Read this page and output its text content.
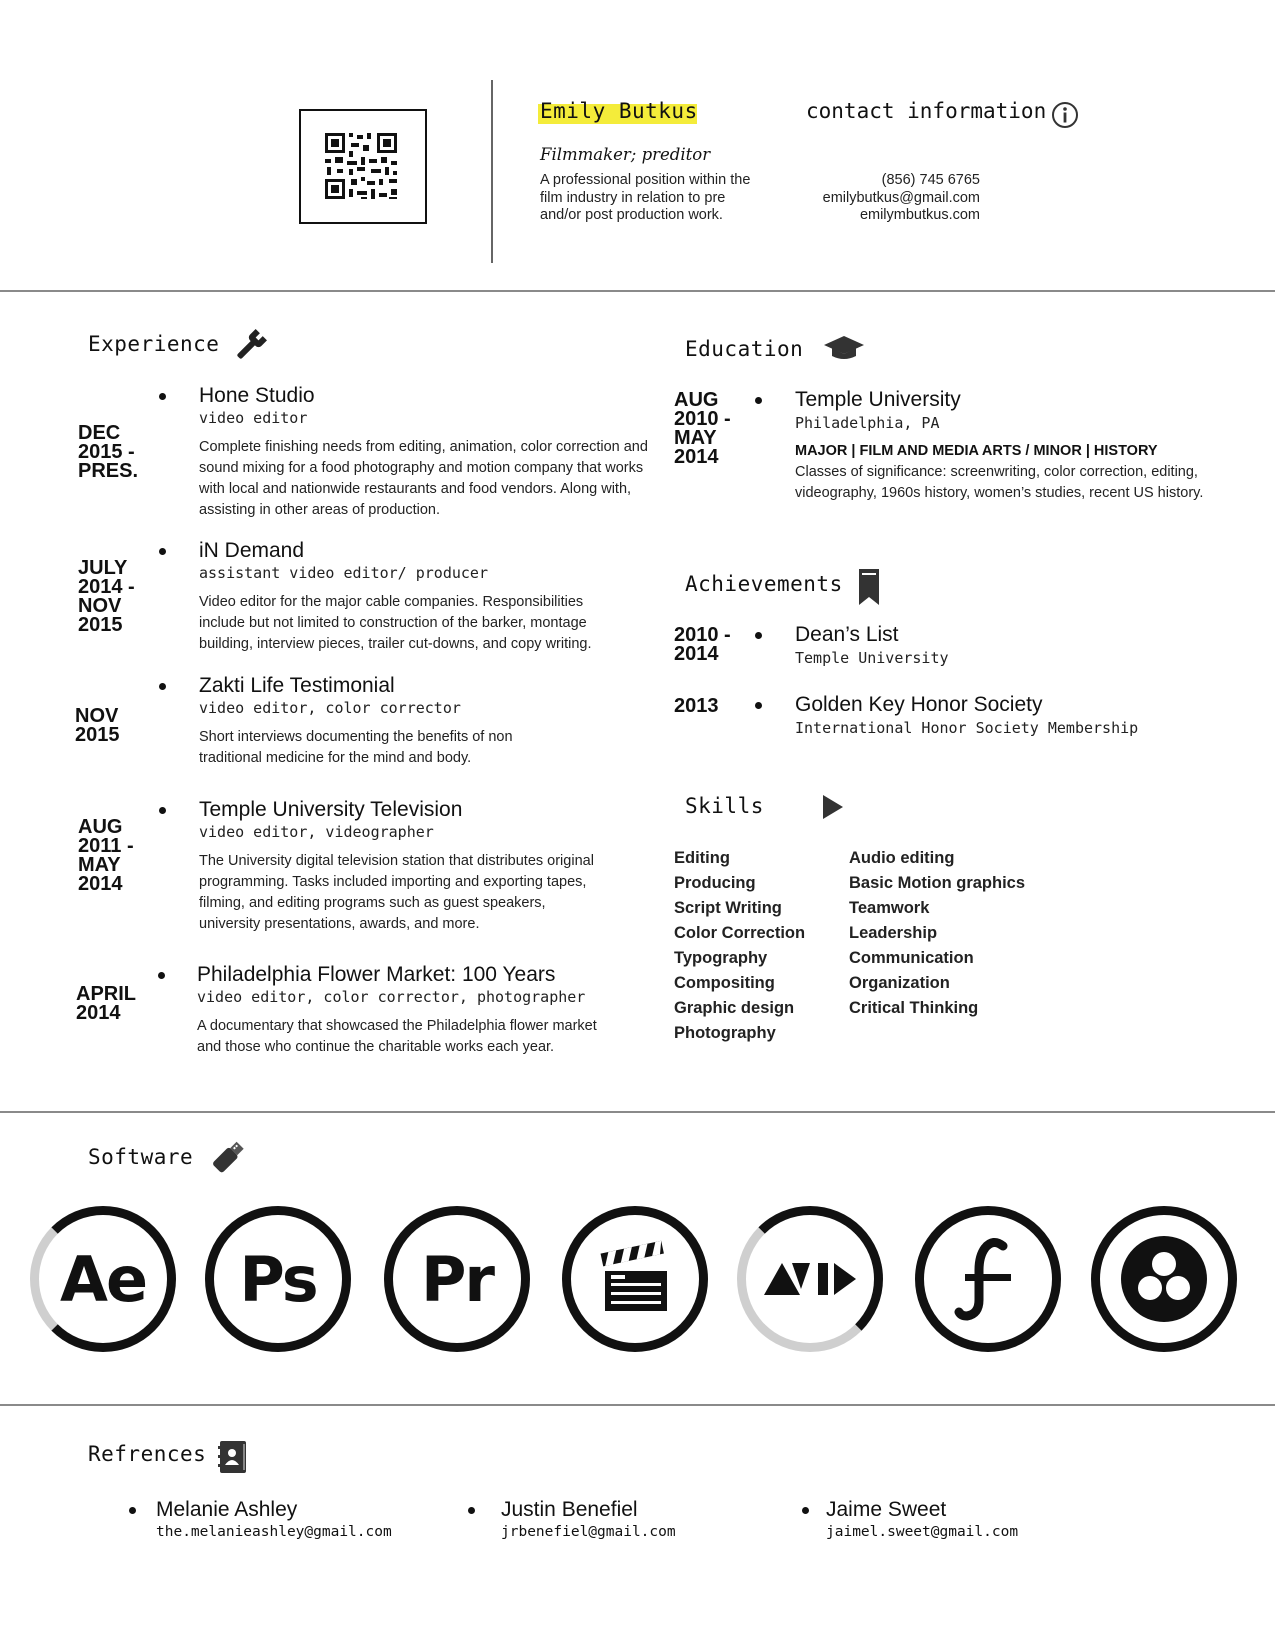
Emily Butkus
Filmmaker; preditor
A professional position within the film industry in relation to pre and/or post production work.
contact information
(856) 745 6765
emilybutkus@gmail.com
emilymbutkus.com
Experience
DEC
2015 -
PRES.
Hone Studio
video editor
Complete finishing needs from editing, animation, color correction and sound mixing for a food photography and motion company that works with local and nationwide restaurants and food vendors. Along with, assisting in other areas of production.
JULY
2014 -
NOV
2015
iN Demand
assistant video editor/ producer
Video editor for the major cable companies. Responsibilities include but not limited to construction of the barker, montage building, interview pieces, trailer cut-downs, and copy writing.
NOV
2015
Zakti Life Testimonial
video editor, color corrector
Short interviews documenting the benefits of non traditional medicine for the mind and body.
AUG
2011 -
MAY
2014
Temple University Television
video editor, videographer
The University digital television station that distributes original programming. Tasks included importing and exporting tapes, filming, and editing programs such as guest speakers, university presentations, awards, and more.
APRIL
2014
Philadelphia Flower Market: 100 Years
video editor, color corrector, photographer
A documentary that showcased the Philadelphia flower market and those who continue the charitable works each year.
Education
AUG
2010 -
MAY
2014
Temple University
Philadelphia, PA
MAJOR | FILM AND MEDIA ARTS / MINOR | HISTORY
Classes of significance: screenwriting, color correction, editing, videography, 1960s history, women’s studies, recent US history.
Achievements
2010 -
2014
Dean’s List
Temple University
2013	Golden Key Honor Society
International Honor Society Membership
Skills
Editing
Producing
Script Writing
Color Correction
Typography
Compositing
Graphic design
Photography
Audio editing
Basic Motion graphics
Teamwork
Leadership
Communication
Organization
Critical Thinking
Software
Ae Ps Pr
Refrences
Melanie Ashley
the.melanieashley@gmail.com
Justin Benefiel
jrbenefiel@gmail.com
Jaime Sweet
jaimel.sweet@gmail.com
